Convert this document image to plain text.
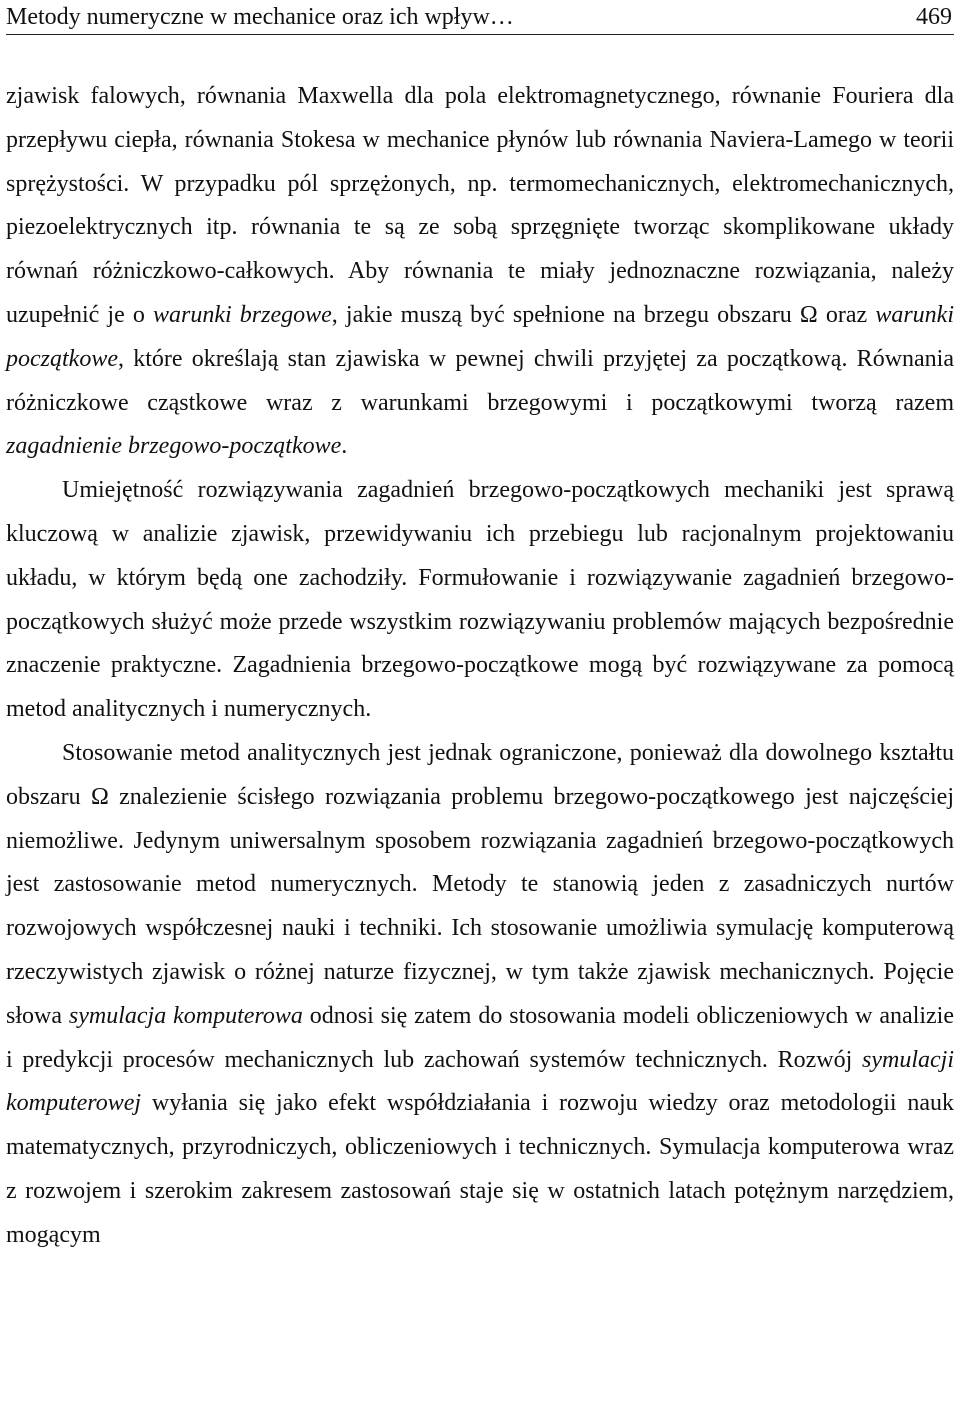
Metody numeryczne w mechanice oraz ich wpływ…	469

zjawisk falowych, równania Maxwella dla pola elektromagnetycznego, równanie Fouriera dla przepływu ciepła, równania Stokesa w mechanice płynów lub równania Naviera-Lamego w teorii sprężystości. W przypadku pól sprzężonych, np. termomechanicznych, elektromechanicznych, piezoelektrycznych itp. równania te są ze sobą sprzęgnięte tworząc skomplikowane układy równań różniczkowo-całkowych. Aby równania te miały jednoznaczne rozwiązania, należy uzupełnić je o warunki brzegowe, jakie muszą być spełnione na brzegu obszaru Ω oraz warunki początkowe, które określają stan zjawiska w pewnej chwili przyjętej za początkową. Równania różniczkowe cząstkowe wraz z warunkami brzegowymi i początkowymi tworzą razem zagadnienie brzegowo-początkowe.

Umiejętność rozwiązywania zagadnień brzegowo-początkowych mechaniki jest sprawą kluczową w analizie zjawisk, przewidywaniu ich przebiegu lub racjonalnym projektowaniu układu, w którym będą one zachodziły. Formułowanie i rozwiązywanie zagadnień brzegowo-początkowych służyć może przede wszystkim rozwiązywaniu problemów mających bezpośrednie znaczenie praktyczne. Zagadnienia brzegowo-początkowe mogą być rozwiązywane za pomocą metod analitycznych i numerycznych.

Stosowanie metod analitycznych jest jednak ograniczone, ponieważ dla dowolnego kształtu obszaru Ω znalezienie ścisłego rozwiązania problemu brzegowo-początkowego jest najczęściej niemożliwe. Jedynym uniwersalnym sposobem rozwiązania zagadnień brzegowo-początkowych jest zastosowanie metod numerycznych. Metody te stanowią jeden z zasadniczych nurtów rozwojowych współczesnej nauki i techniki. Ich stosowanie umożliwia symulację komputerową rzeczywistych zjawisk o różnej naturze fizycznej, w tym także zjawisk mechanicznych. Pojęcie słowa symulacja komputerowa odnosi się zatem do stosowania modeli obliczeniowych w analizie i predykcji procesów mechanicznych lub zachowań systemów technicznych. Rozwój symulacji komputerowej wyłania się jako efekt współdziałania i rozwoju wiedzy oraz metodologii nauk matematycznych, przyrodniczych, obliczeniowych i technicznych. Symulacja komputerowa wraz z rozwojem i szerokim zakresem zastosowań staje się w ostatnich latach potężnym narzędziem, mogącym
